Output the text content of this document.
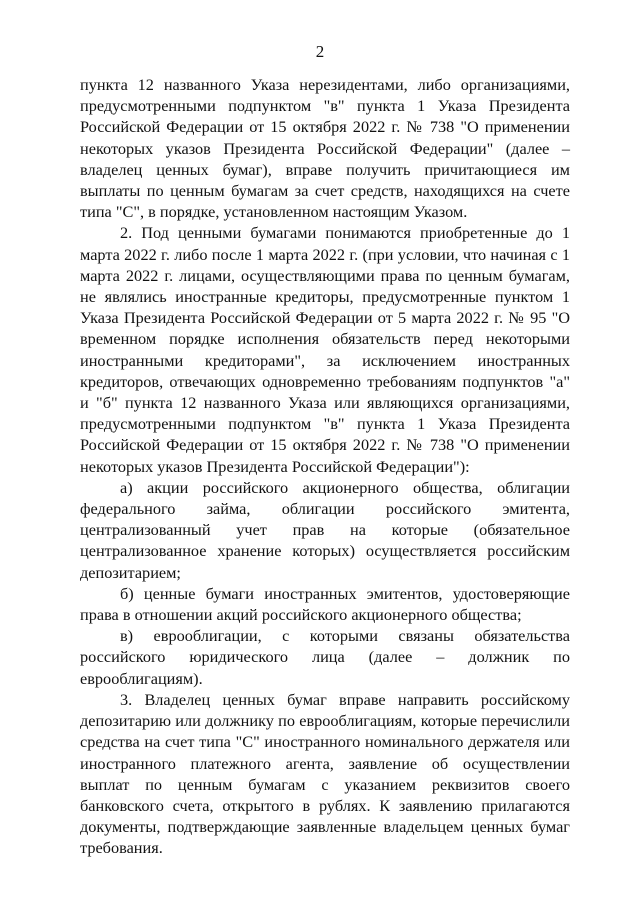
2

пункта 12 названного Указа нерезидентами, либо организациями, предусмотренными подпунктом "в" пункта 1 Указа Президента Российской Федерации от 15 октября 2022 г. № 738 "О применении некоторых указов Президента Российской Федерации" (далее – владелец ценных бумаг), вправе получить причитающиеся им выплаты по ценным бумагам за счет средств, находящихся на счете типа "С", в порядке, установленном настоящим Указом.

2. Под ценными бумагами понимаются приобретенные до 1 марта 2022 г. либо после 1 марта 2022 г. (при условии, что начиная с 1 марта 2022 г. лицами, осуществляющими права по ценным бумагам, не являлись иностранные кредиторы, предусмотренные пунктом 1 Указа Президента Российской Федерации от 5 марта 2022 г. № 95 "О временном порядке исполнения обязательств перед некоторыми иностранными кредиторами", за исключением иностранных кредиторов, отвечающих одновременно требованиям подпунктов "а" и "б" пункта 12 названного Указа или являющихся организациями, предусмотренными подпунктом "в" пункта 1 Указа Президента Российской Федерации от 15 октября 2022 г. № 738 "О применении некоторых указов Президента Российской Федерации"):

а) акции российского акционерного общества, облигации федерального займа, облигации российского эмитента, централизованный учет прав на которые (обязательное централизованное хранение которых) осуществляется российским депозитарием;

б) ценные бумаги иностранных эмитентов, удостоверяющие права в отношении акций российского акционерного общества;

в) еврооблигации, с которыми связаны обязательства российского юридического лица (далее – должник по еврооблигациям).

3. Владелец ценных бумаг вправе направить российскому депозитарию или должнику по еврооблигациям, которые перечислили средства на счет типа "С" иностранного номинального держателя или иностранного платежного агента, заявление об осуществлении выплат по ценным бумагам с указанием реквизитов своего банковского счета, открытого в рублях. К заявлению прилагаются документы, подтверждающие заявленные владельцем ценных бумаг требования.
